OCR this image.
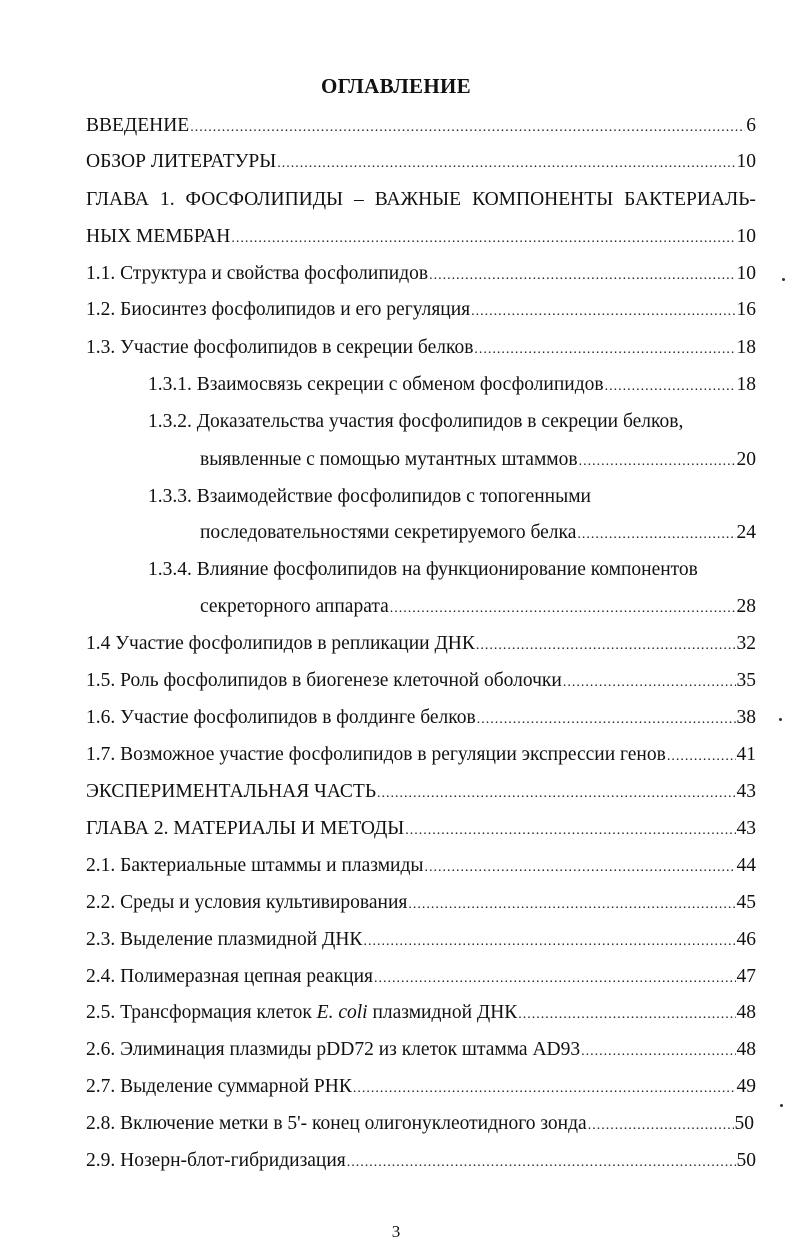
ОГЛАВЛЕНИЕ
ВВЕДЕНИЕ .....	6
ОБЗОР ЛИТЕРАТУРЫ .....	10
ГЛАВА 1. ФОСФОЛИПИДЫ – ВАЖНЫЕ КОМПОНЕНТЫ БАКТЕРИАЛЬ-
НЫХ МЕМБРАН .....	10
1.1. Структура и свойства фосфолипидов .....	10
1.2. Биосинтез фосфолипидов и его регуляция .....	16
1.3. Участие фосфолипидов в секреции белков .....	18
1.3.1. Взаимосвязь секреции с обменом фосфолипидов .....	18
1.3.2. Доказательства участия фосфолипидов в секреции белков,
выявленные с помощью мутантных штаммов .....	20
1.3.3. Взаимодействие фосфолипидов с топогенными
последовательностями секретируемого белка .....	24
1.3.4. Влияние фосфолипидов на функционирование компонентов
секреторного аппарата .....	28
1.4 Участие фосфолипидов в репликации ДНК .....	32
1.5. Роль фосфолипидов в биогенезе клеточной оболочки .....	35
1.6. Участие фосфолипидов в фолдинге белков .....	38
1.7. Возможное участие фосфолипидов в регуляции экспрессии генов .....	41
ЭКСПЕРИМЕНТАЛЬНАЯ ЧАСТЬ .....	43
ГЛАВА 2. МАТЕРИАЛЫ И МЕТОДЫ .....	43
2.1. Бактериальные штаммы и плазмиды .....	44
2.2. Среды и условия культивирования .....	45
2.3. Выделение плазмидной ДНК .....	46
2.4. Полимеразная цепная реакция .....	47
2.5. Трансформация клеток E. coli плазмидной ДНК .....	48
2.6. Элиминация плазмиды pDD72 из клеток штамма AD93 .....	48
2.7. Выделение суммарной РНК .....	49
2.8. Включение метки в 5'- конец олигонуклеотидного зонда .....	50
2.9. Нозерн-блот-гибридизация .....	50
3
